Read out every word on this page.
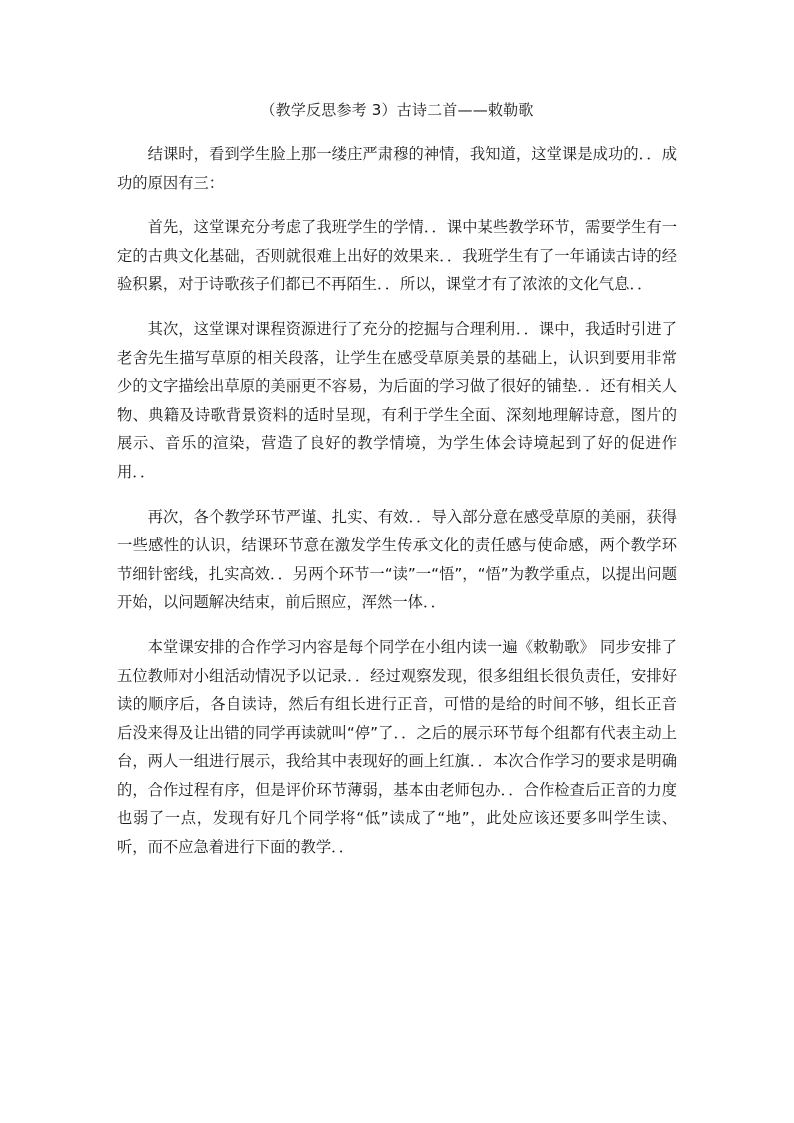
（教学反思参考 3）古诗二首——敕勒歌

结课时，看到学生脸上那一缕庄严肃穆的神情，我知道，这堂课是成功的．．成功的原因有三：

首先，这堂课充分考虑了我班学生的学情．．课中某些教学环节，需要学生有一定的古典文化基础，否则就很难上出好的效果来．．我班学生有了一年诵读古诗的经验积累，对于诗歌孩子们都已不再陌生．．所以，课堂才有了浓浓的文化气息．．

其次，这堂课对课程资源进行了充分的挖掘与合理利用．．课中，我适时引进了老舍先生描写草原的相关段落，让学生在感受草原美景的基础上，认识到要用非常少的文字描绘出草原的美丽更不容易，为后面的学习做了很好的铺垫．．还有相关人物、典籍及诗歌背景资料的适时呈现，有利于学生全面、深刻地理解诗意，图片的展示、音乐的渲染，营造了良好的教学情境，为学生体会诗境起到了好的促进作用．．

再次，各个教学环节严谨、扎实、有效．．导入部分意在感受草原的美丽，获得一些感性的认识，结课环节意在激发学生传承文化的责任感与使命感，两个教学环节细针密线，扎实高效．．另两个环节一“读”一“悟”，“悟”为教学重点，以提出问题开始，以问题解决结束，前后照应，浑然一体．．

本堂课安排的合作学习内容是每个同学在小组内读一遍《敕勒歌》 同步安排了五位教师对小组活动情况予以记录．．经过观察发现，很多组组长很负责任，安排好读的顺序后，各自读诗，然后有组长进行正音，可惜的是给的时间不够，组长正音后没来得及让出错的同学再读就叫“停”了．．之后的展示环节每个组都有代表主动上台，两人一组进行展示，我给其中表现好的画上红旗．．本次合作学习的要求是明确的，合作过程有序，但是评价环节薄弱，基本由老师包办．．合作检查后正音的力度也弱了一点，发现有好几个同学将“低”读成了“地”，此处应该还要多叫学生读、听，而不应急着进行下面的教学．．
